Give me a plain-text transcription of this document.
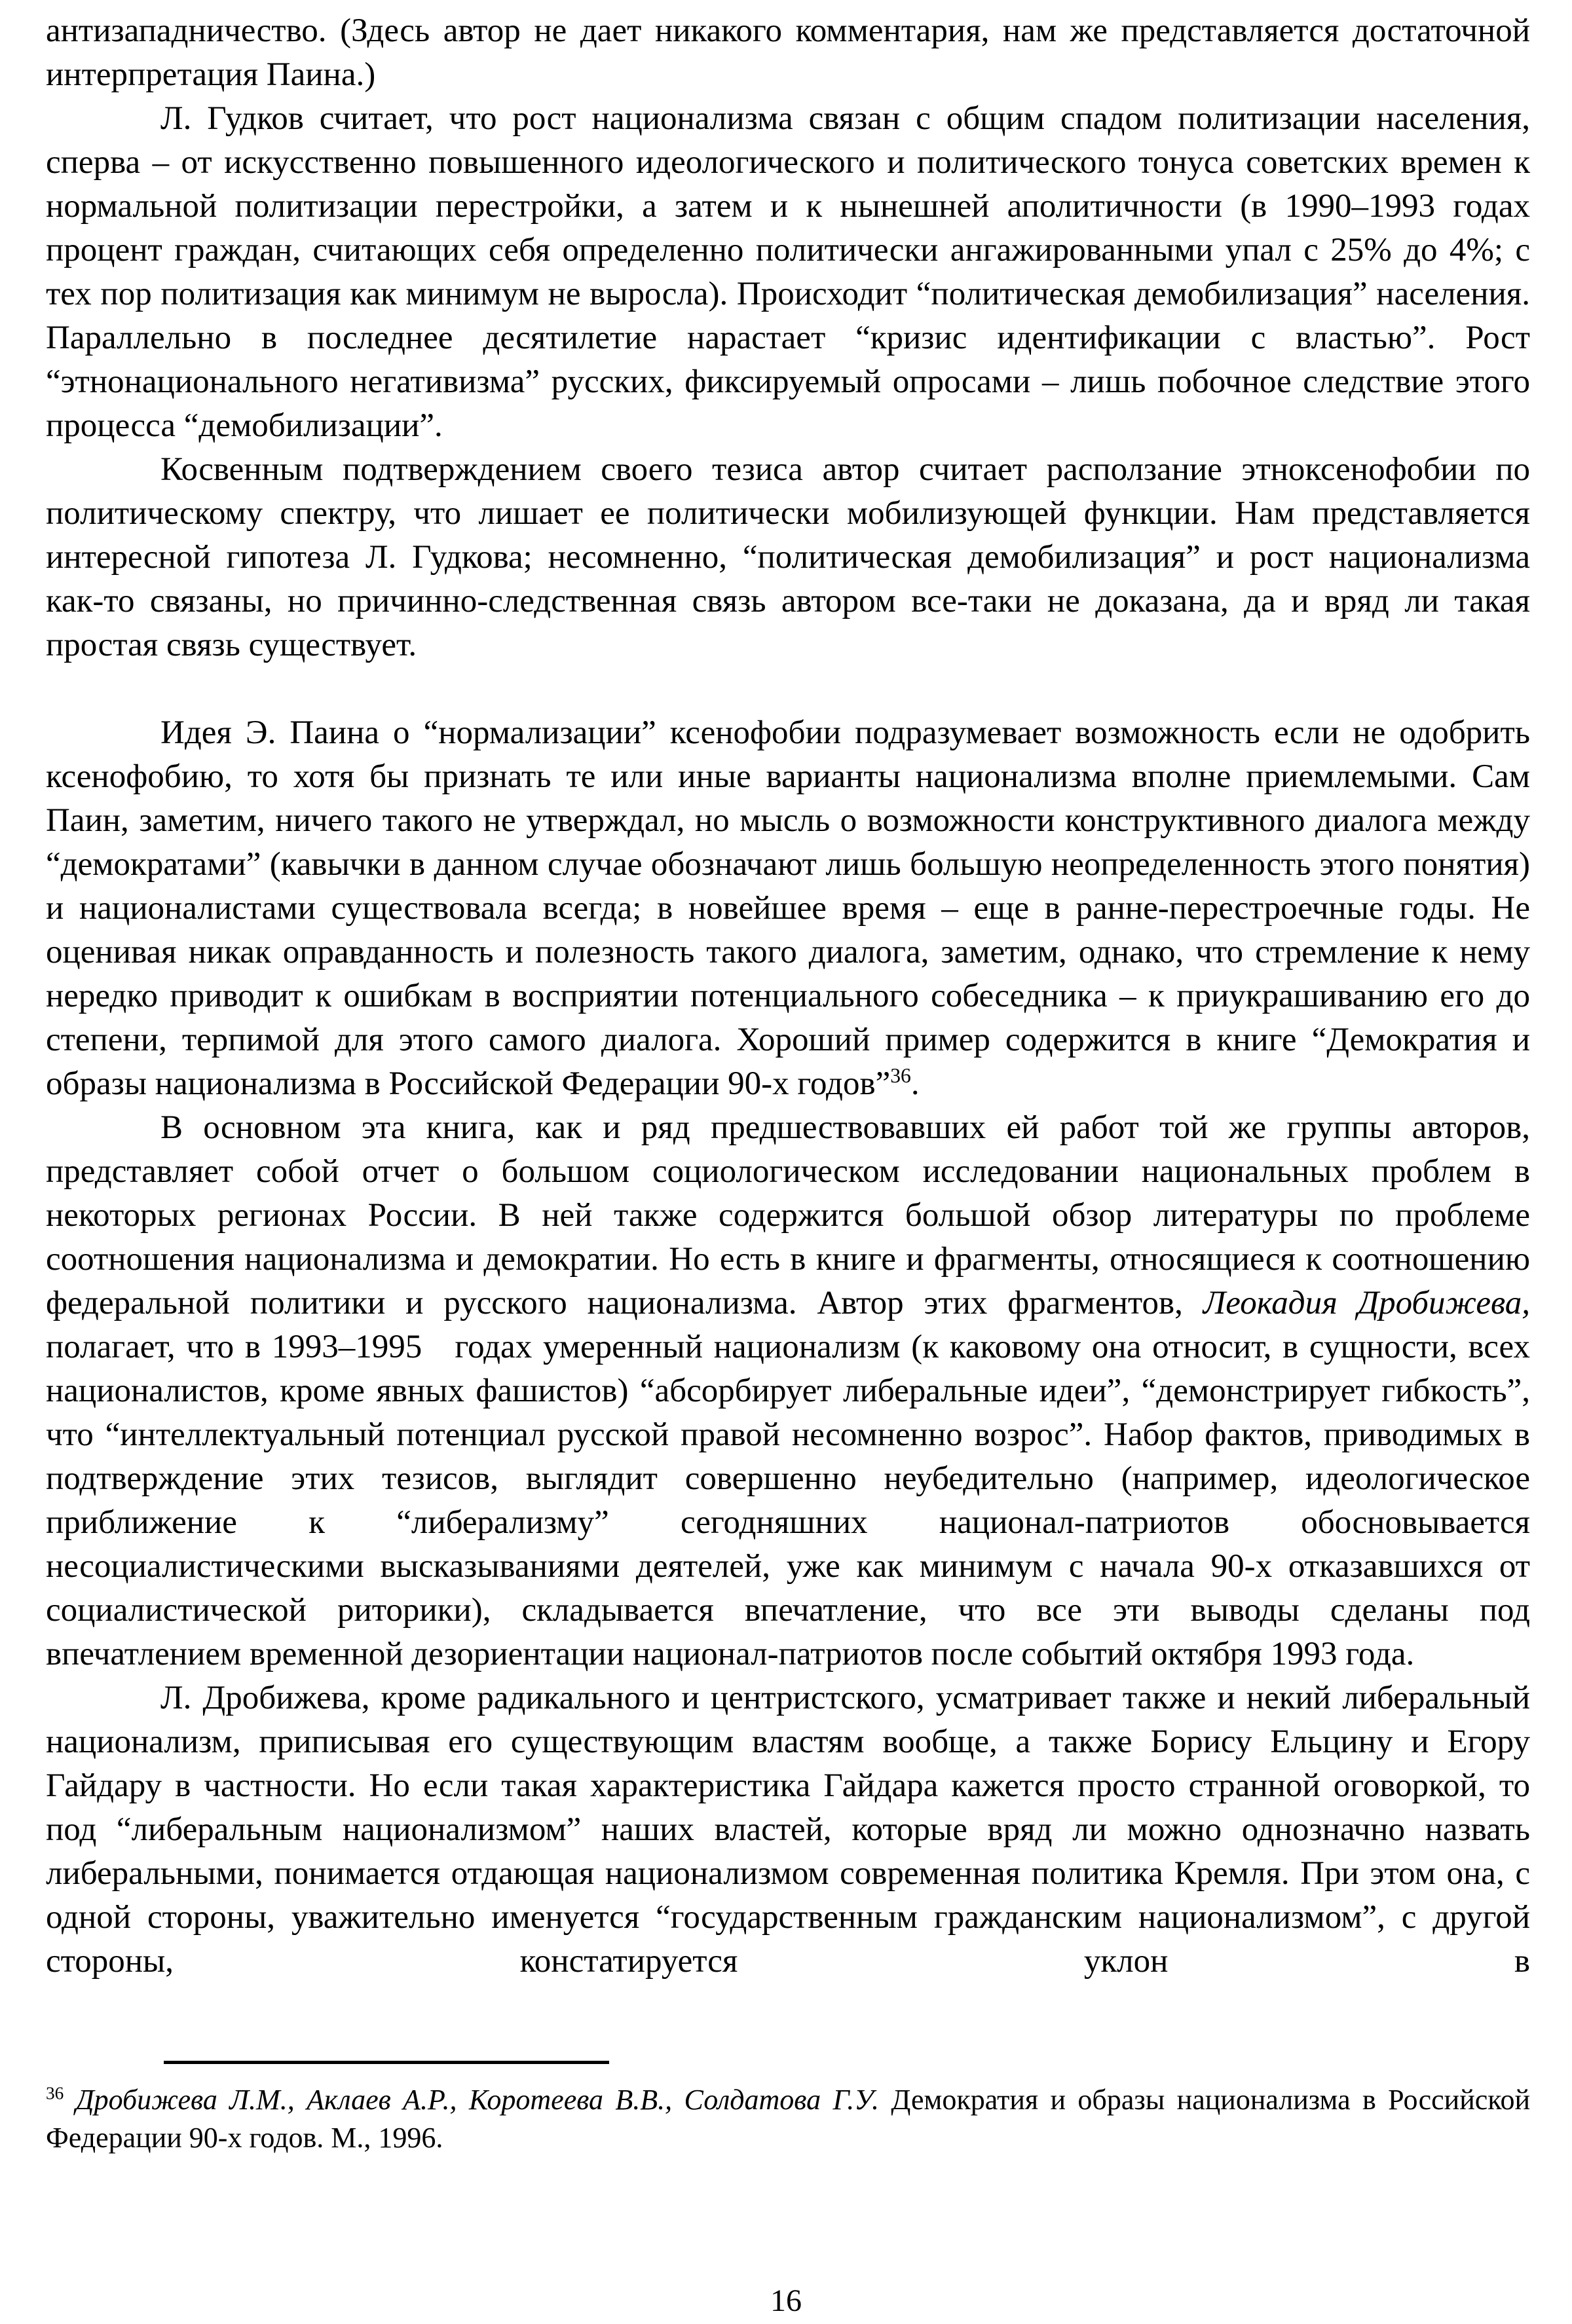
антизападничество. (Здесь автор не дает никакого комментария, нам же представляется достаточной интерпретация Паина.)

Л. Гудков считает, что рост национализма связан с общим спадом политизации населения, сперва – от искусственно повышенного идеологического и политического тонуса советских времен к нормальной политизации перестройки, а затем и к нынешней аполитичности (в 1990–1993 годах процент граждан, считающих себя определенно политически ангажированными упал с 25% до 4%; с тех пор политизация как минимум не выросла). Происходит “политическая демобилизация” населения. Параллельно в последнее десятилетие нарастает “кризис идентификации с властью”. Рост “этнонационального негативизма” русских, фиксируемый опросами – лишь побочное следствие этого процесса “демобилизации”.

Косвенным подтверждением своего тезиса автор считает расползание этноксенофобии по политическому спектру, что лишает ее политически мобилизующей функции. Нам представляется интересной гипотеза Л. Гудкова; несомненно, “политическая демобилизация” и рост национализма как-то связаны, но причинно-следственная связь автором все-таки не доказана, да и вряд ли такая простая связь существует.

Идея Э. Паина о “нормализации” ксенофобии подразумевает возможность если не одобрить ксенофобию, то хотя бы признать те или иные варианты национализма вполне приемлемыми. Сам Паин, заметим, ничего такого не утверждал, но мысль о возможности конструктивного диалога между “демократами” (кавычки в данном случае обозначают лишь большую неопределенность этого понятия) и националистами существовала всегда; в новейшее время – еще в ранне-перестроечные годы. Не оценивая никак оправданность и полезность такого диалога, заметим, однако, что стремление к нему нередко приводит к ошибкам в восприятии потенциального собеседника – к приукрашиванию его до степени, терпимой для этого самого диалога. Хороший пример содержится в книге “Демократия и образы национализма в Российской Федерации 90-х годов”$^{36}$.

В основном эта книга, как и ряд предшествовавших ей работ той же группы авторов, представляет собой отчет о большом социологическом исследовании национальных проблем в некоторых регионах России. В ней также содержится большой обзор литературы по проблеме соотношения национализма и демократии. Но есть в книге и фрагменты, относящиеся к соотношению федеральной политики и русского национализма. Автор этих фрагментов, Леокадия Дробижева, полагает, что в 1993–1995   годах умеренный национализм (к каковому она относит, в сущности, всех националистов, кроме явных фашистов) “абсорбирует либеральные идеи”, “демонстрирует гибкость”, что “интеллектуальный потенциал русской правой несомненно возрос”. Набор фактов, приводимых в подтверждение этих тезисов, выглядит совершенно неубедительно (например, идеологическое приближение к “либерализму” сегодняшних национал-патриотов обосновывается несоциалистическими высказываниями деятелей, уже как минимум с начала 90-х отказавшихся от социалистической риторики), складывается впечатление, что все эти выводы сделаны под впечатлением временной дезориентации национал-патриотов после событий октября 1993 года.

Л. Дробижева, кроме радикального и центристского, усматривает также и некий либеральный национализм, приписывая его существующим властям вообще, а также Борису Ельцину и Егору Гайдару в частности. Но если такая характеристика Гайдара кажется просто странной оговоркой, то под “либеральным национализмом” наших властей, которые вряд ли можно однозначно назвать либеральными, понимается отдающая национализмом современная политика Кремля. При этом она, с одной стороны, уважительно именуется “государственным гражданским национализмом”, с другой стороны, констатируется уклон в

$^{36}$ Дробижева Л.М., Аклаев А.Р., Коротеева В.В., Солдатова Г.У. Демократия и образы национализма в Российской Федерации 90-х годов. М., 1996.
16
